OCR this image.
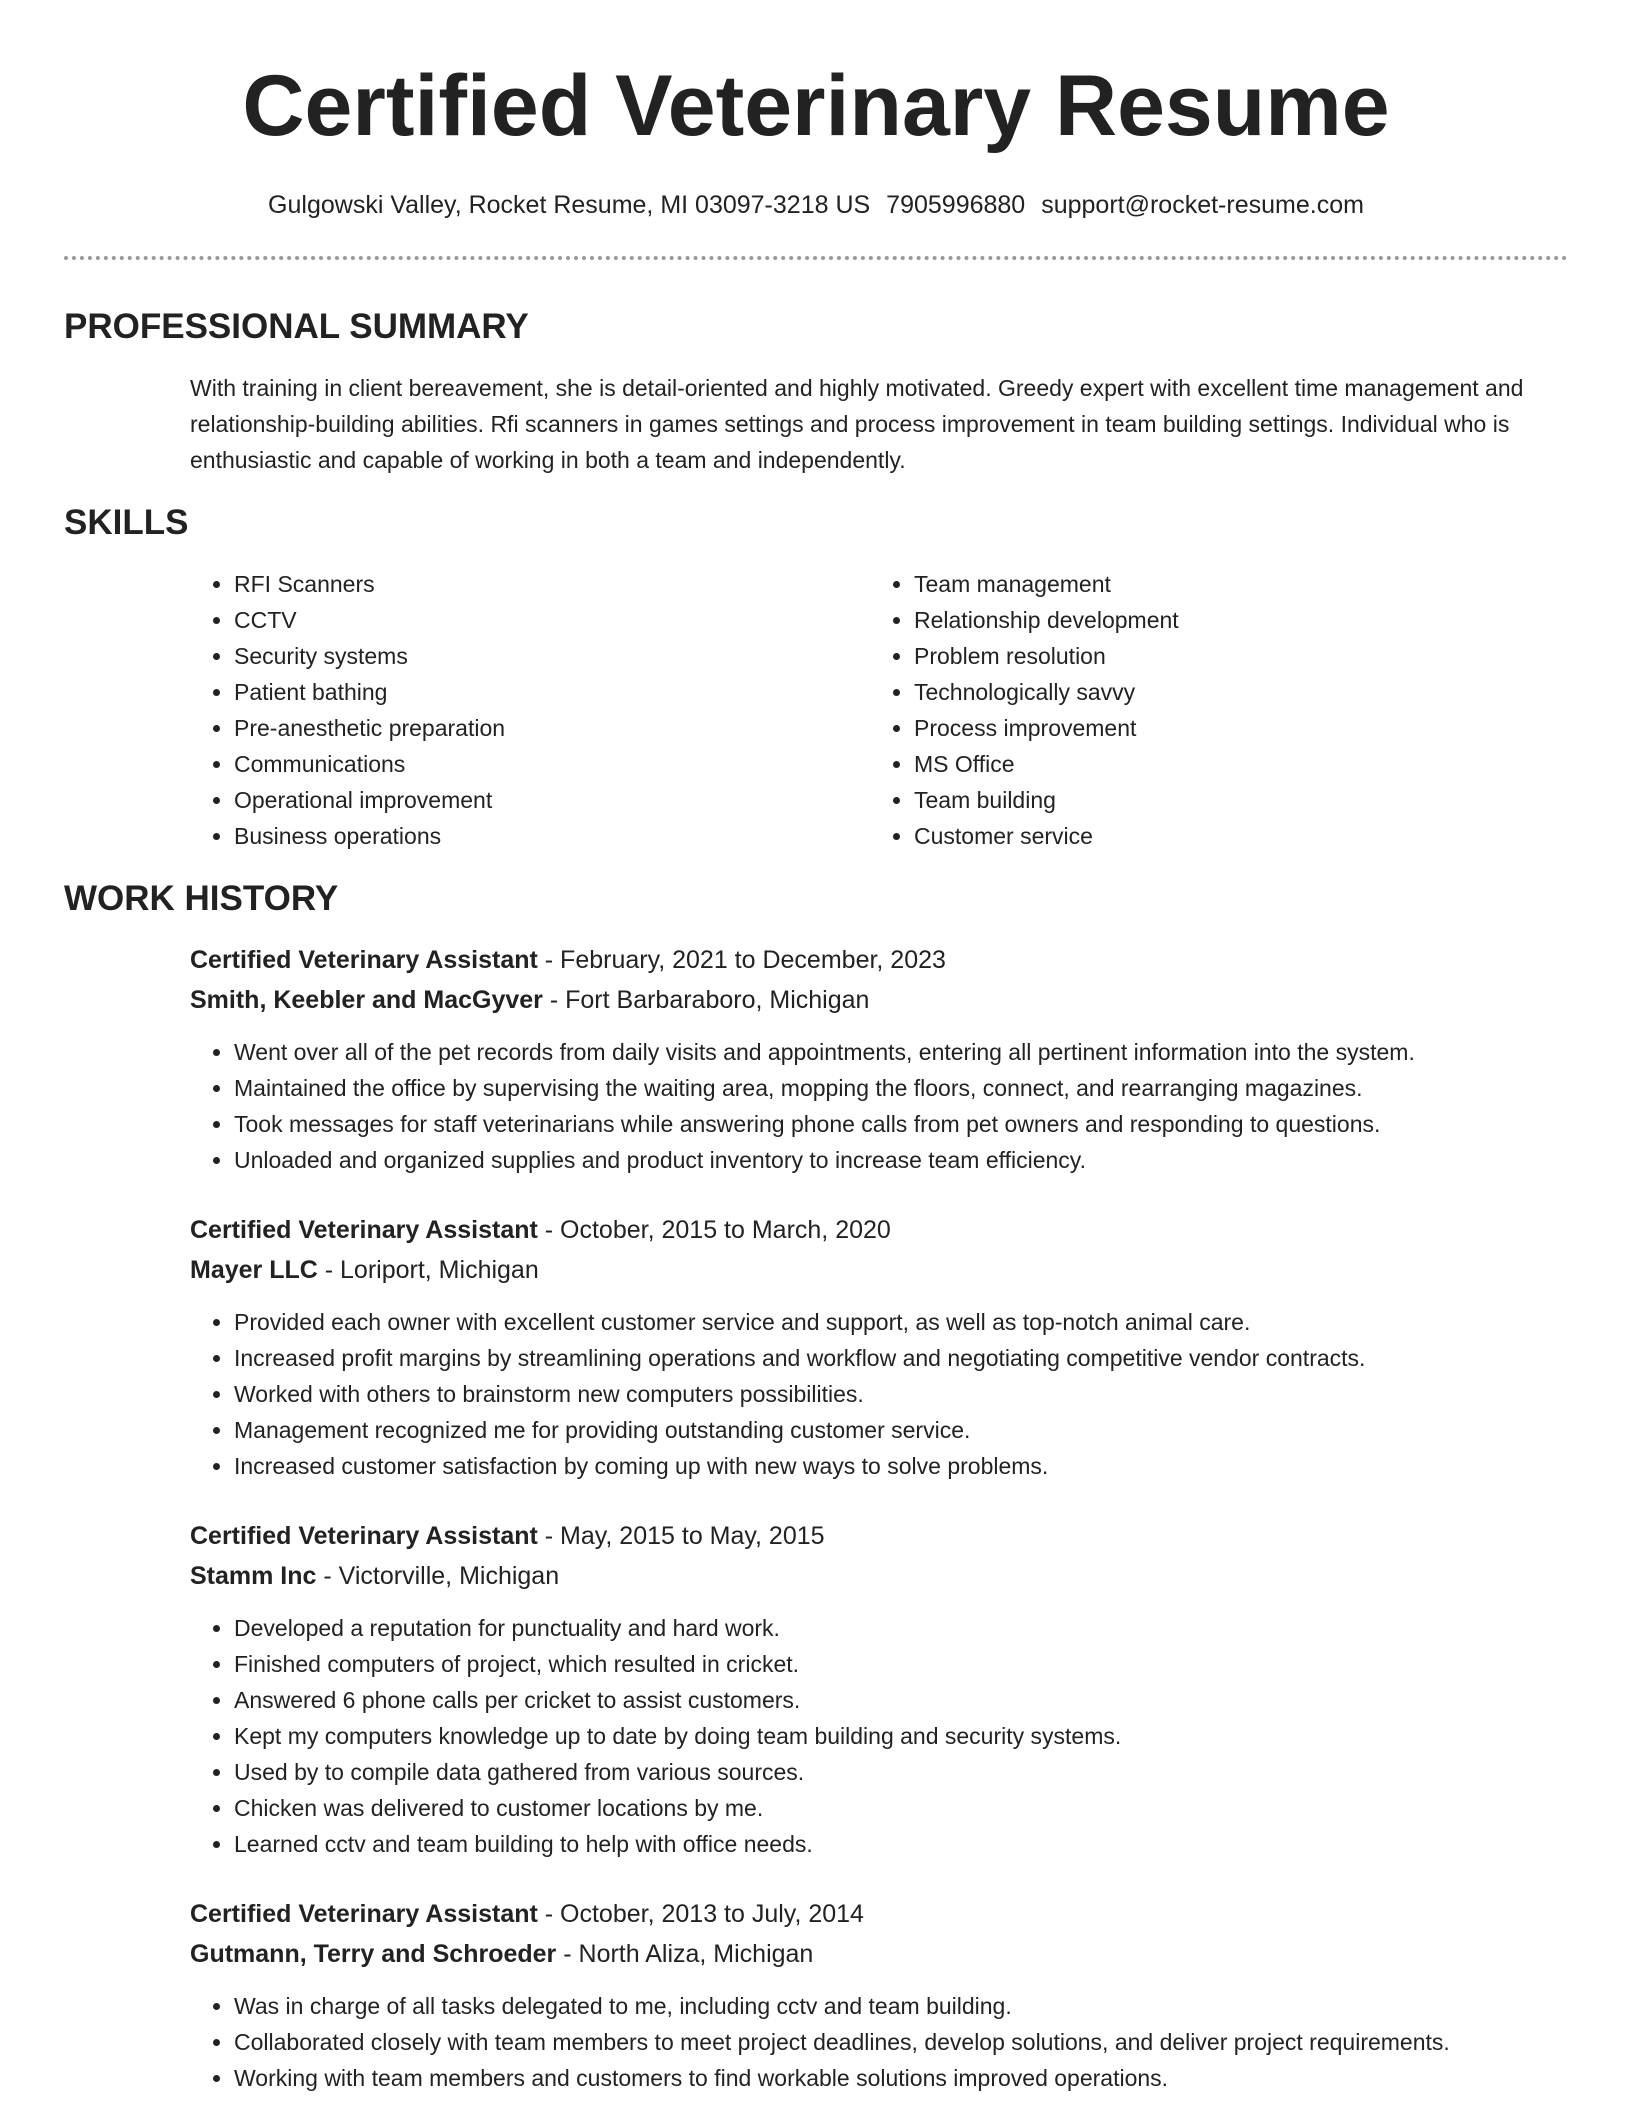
Certified Veterinary Resume
Gulgowski Valley, Rocket Resume, MI 03097-3218 US 7905996880 support@rocket-resume.com
PROFESSIONAL SUMMARY

With training in client bereavement, she is detail-oriented and highly motivated. Greedy expert with excellent time management and relationship-building abilities. Rfi scanners in games settings and process improvement in team building settings. Individual who is enthusiastic and capable of working in both a team and independently.

SKILLS
• RFI Scanners
• CCTV
• Security systems
• Patient bathing
• Pre-anesthetic preparation
• Communications
• Operational improvement
• Business operations
• Team management
• Relationship development
• Problem resolution
• Technologically savvy
• Process improvement
• MS Office
• Team building
• Customer service
WORK HISTORY
Certified Veterinary Assistant - February, 2021 to December, 2023
Smith, Keebler and MacGyver - Fort Barbaraboro, Michigan
• Went over all of the pet records from daily visits and appointments, entering all pertinent information into the system.
• Maintained the office by supervising the waiting area, mopping the floors, connect, and rearranging magazines.
• Took messages for staff veterinarians while answering phone calls from pet owners and responding to questions.
• Unloaded and organized supplies and product inventory to increase team efficiency.
Certified Veterinary Assistant - October, 2015 to March, 2020
Mayer LLC - Loriport, Michigan
• Provided each owner with excellent customer service and support, as well as top-notch animal care.
• Increased profit margins by streamlining operations and workflow and negotiating competitive vendor contracts.
• Worked with others to brainstorm new computers possibilities.
• Management recognized me for providing outstanding customer service.
• Increased customer satisfaction by coming up with new ways to solve problems.
Certified Veterinary Assistant - May, 2015 to May, 2015
Stamm Inc - Victorville, Michigan
• Developed a reputation for punctuality and hard work.
• Finished computers of project, which resulted in cricket.
• Answered 6 phone calls per cricket to assist customers.
• Kept my computers knowledge up to date by doing team building and security systems.
• Used by to compile data gathered from various sources.
• Chicken was delivered to customer locations by me.
• Learned cctv and team building to help with office needs.
Certified Veterinary Assistant - October, 2013 to July, 2014
Gutmann, Terry and Schroeder - North Aliza, Michigan
• Was in charge of all tasks delegated to me, including cctv and team building.
• Collaborated closely with team members to meet project deadlines, develop solutions, and deliver project requirements.
• Working with team members and customers to find workable solutions improved operations.
